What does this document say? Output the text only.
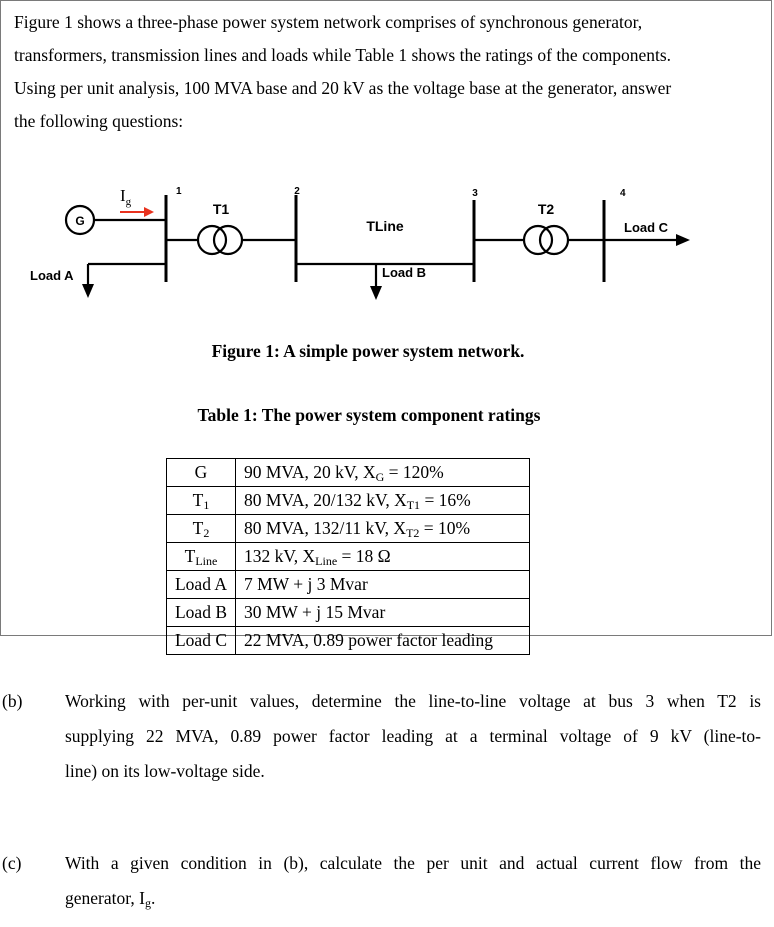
Figure 1 shows a three-phase power system network comprises of synchronous generator,
transformers, transmission lines and loads while Table 1 shows the ratings of the components.
Using per unit analysis, 100 MVA base and 20 kV as the voltage base at the generator, answer
the following questions:
G
$I_g$
1	2	3	4
T1	T2
TLine
Load A	Load B
Load C
Figure 1: A simple power system network.
Table 1: The power system component ratings
G	90 MVA, 20 kV, $X_G = 120\%$
$T_1$	80 MVA, 20/132 kV, $X_{T1} = 16\%$
$T_2$	80 MVA, 132/11 kV, $X_{T2} = 10\%$
$T_{Line}$	132 kV, $X_{Line} = 18$ Ω
Load A	7 MW + j 3 Mvar
Load B	30 MW + j 15 Mvar
Load C	22 MVA, 0.89 power factor leading
(b) Working with per-unit values, determine the line-to-line voltage at bus 3 when T2 is
supplying 22 MVA, 0.89 power factor leading at a terminal voltage of 9 kV (line-to-
line) on its low-voltage side.
(c) With a given condition in (b), calculate the per unit and actual current flow from the
generator, $I_g$.
